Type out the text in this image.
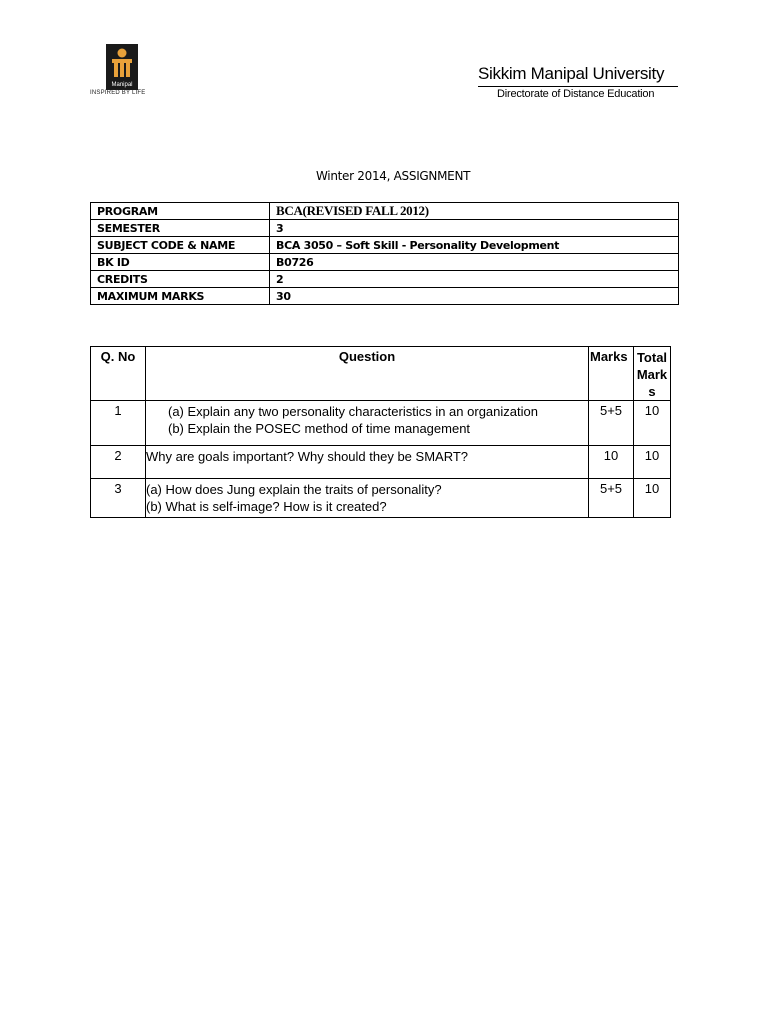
Manipal
INSPIRED BY LIFE
Sikkim Manipal University
Directorate of Distance Education
Winter 2014, ASSIGNMENT
PROGRAM	BCA(REVISED FALL 2012)
SEMESTER	3
SUBJECT CODE & NAME	BCA 3050 – Soft Skill - Personality Development
BK ID	B0726
CREDITS	2
MAXIMUM MARKS	30
Q. No	Question	Marks	Total
Mark
s

1	(a) Explain any two personality characteristics in an organization
(b) Explain the POSEC method of time management	5+5	10
2	Why are goals important? Why should they be SMART?	10	10
3	(a) How does Jung explain the traits of personality?
(b) What is self-image? How is it created?	5+5	10
